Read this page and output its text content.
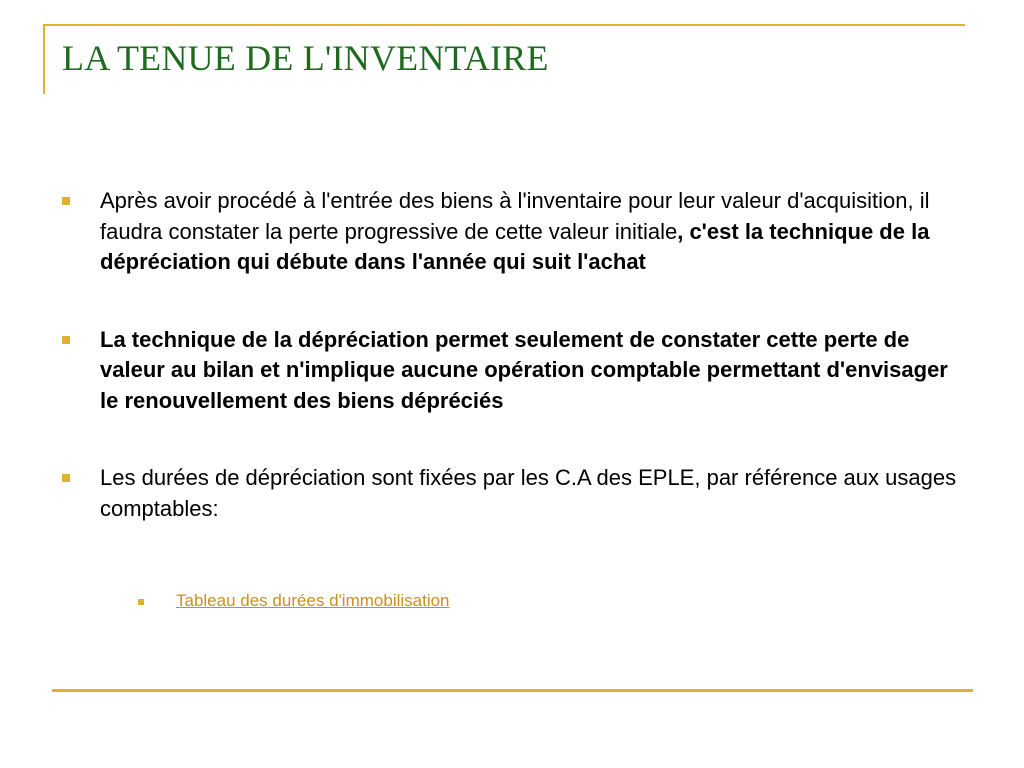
LA TENUE DE L'INVENTAIRE
Après avoir procédé à l'entrée des biens à l'inventaire pour leur valeur d'acquisition, il faudra constater la perte progressive de cette valeur initiale, c'est la technique de la dépréciation qui débute dans l'année qui suit l'achat
La technique de la dépréciation permet seulement de constater cette perte de valeur au bilan et n'implique aucune opération comptable permettant d'envisager le renouvellement des biens dépréciés
Les durées de dépréciation sont fixées par les C.A des EPLE, par référence aux usages comptables:
Tableau des durées d'immobilisation
